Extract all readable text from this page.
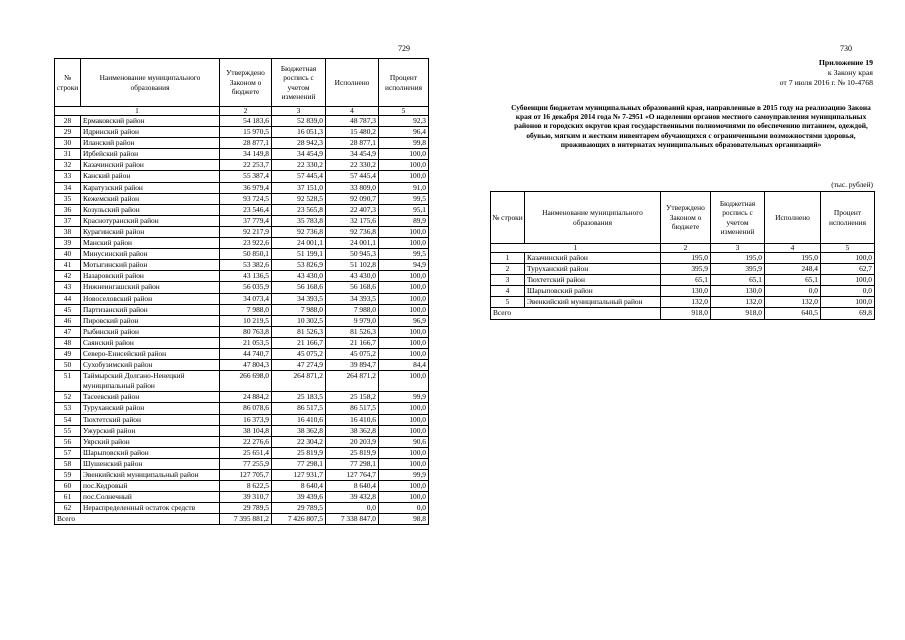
729	730
№ строки	Наименование муниципального образования	Утверждено Законом о бюджете	Бюджетная роспись с учетом изменений	Исполнено	Процент исполнения
1		2	3	4	5
28	Ермаковский район	54 183,6	52 839,0	48 787,3	92,3
29	Идринский район	15 970,5	16 051,3	15 480,2	96,4
30	Иланский район	28 877,1	28 942,3	28 877,1	99,8
31	Ирбейский район	34 149,8	34 454,9	34 454,9	100,0
32	Казачинский район	22 253,7	22 330,2	22 330,2	100,0
33	Канский район	55 387,4	57 445,4	57 445,4	100,0
34	Каратузский район	36 979,4	37 151,0	33 809,0	91,0
35	Кежемский район	93 724,5	92 528,5	92 090,7	99,5
36	Козульский район	23 546,4	23 565,8	22 407,3	95,1
37	Краснотуранский район	37 779,4	35 783,8	32 175,6	89,9
38	Курагинский район	92 217,9	92 736,8	92 736,8	100,0
39	Манский район	23 922,6	24 001,1	24 001,1	100,0
40	Минусинский район	50 850,1	51 199,1	50 945,3	99,5
41	Мотыгинский район	53 382,6	53 826,9	51 102,8	94,9
42	Назаровский район	43 136,5	43 430,0	43 430,0	100,0
43	Нижнеингашский район	56 035,9	56 168,6	56 168,6	100,0
44	Новоселовский район	34 073,4	34 393,5	34 393,5	100,0
45	Партизанский район	7 988,0	7 988,0	7 988,0	100,0
46	Пировский район	10 219,5	10 302,5	9 979,0	96,9
47	Рыбинский район	80 763,8	81 526,3	81 526,3	100,0
48	Саянский район	21 053,5	21 166,7	21 166,7	100,0
49	Северо-Енисейский район	44 740,7	45 075,2	45 075,2	100,0
50	Сухобузимский район	47 804,3	47 274,9	39 894,7	84,4
51	Таймырский Долгано-Ненецкий муниципальный район	266 698,0	264 871,2	264 871,2	100,0
52	Тасеевский район	24 884,2	25 183,5	25 158,2	99,9
53	Туруханский район	86 078,6	86 517,5	86 517,5	100,0
54	Тюхтетский район	16 373,9	16 410,6	16 410,6	100,0
55	Ужурский район	38 104,8	38 362,8	38 362,8	100,0
56	Уярский район	22 276,6	22 304,2	20 203,9	90,6
57	Шарыповский район	25 651,4	25 819,9	25 819,9	100,0
58	Шушенский район	77 255,9	77 298,1	77 298,1	100,0
59	Эвенкийский муниципальный район	127 705,7	127 931,7	127 764,7	99,9
60	пос.Кедровый	8 622,5	8 640,4	8 640,4	100,0
61	пос.Солнечный	39 310,7	39 439,6	39 432,8	100,0
62	Нераспределенный остаток средств	29 789,5	29 789,5	0,0	0,0
Всего		7 395 881,2	7 426 807,5	7 338 847,0	98,8
Приложение 19
к Закону края
от 7 июля 2016 г. № 10-4768
Субвенции бюджетам муниципальных образований края, направленные в 2015 году на реализацию Закона края от 16 декабря 2014 года № 7-2951 «О наделении органов местного самоуправления муниципальных районов и городских округов края государственными полномочиями по обеспечению питанием, одеждой, обувью, мягким и жестким инвентарем обучающихся с ограниченными возможностями здоровья, проживающих в интернатах муниципальных образовательных организаций»
(тыс. рублей)
№ строки	Наименование муниципального образования	Утверждено Законом о бюджете	Бюджетная роспись с учетом изменений	Исполнено	Процент исполнения
1		2	3	4	5
1	Казачинский район	195,0	195,0	195,0	100,0
2	Туруханский район	395,9	395,9	248,4	62,7
3	Тюхтетский район	65,1	65,1	65,1	100,0
4	Шарыповский район	130,0	130,0	0,0	0,0
5	Эвенкийский муниципальный район	132,0	132,0	132,0	100,0
Всего		918,0	918,0	640,5	69,8
